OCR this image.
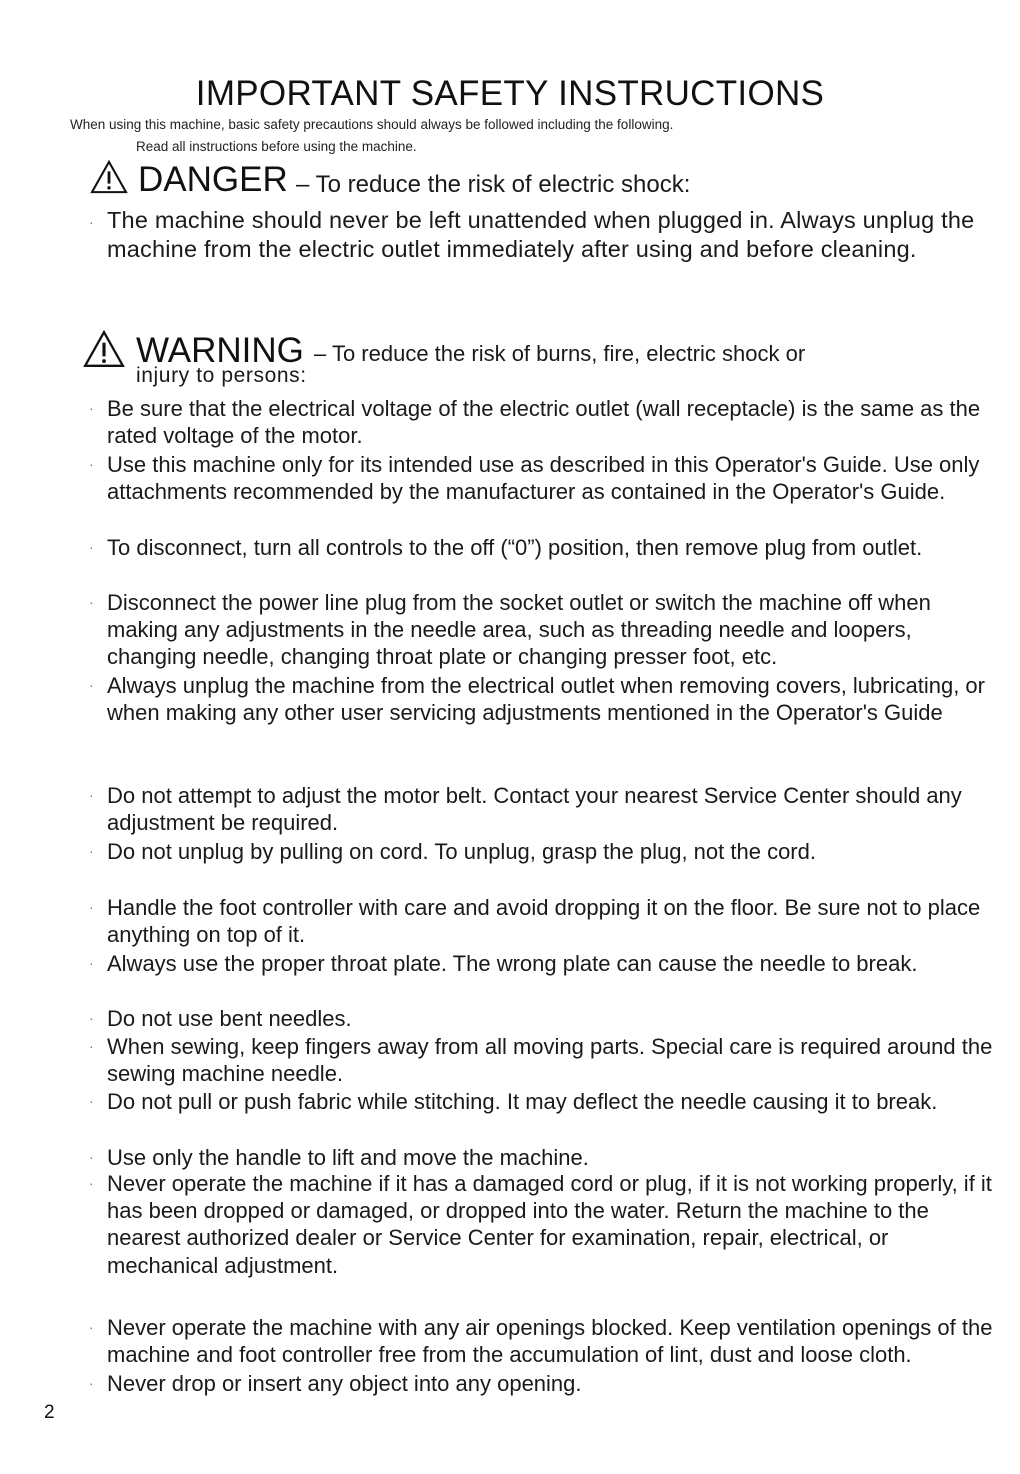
IMPORTANT SAFETY INSTRUCTIONS
When using this machine, basic safety precautions should always be followed including the following.
Read all instructions before using the machine.
DANGER – To reduce the risk of electric shock:
· The machine should never be left unattended when plugged in. Always unplug the machine from the electric outlet immediately after using and before cleaning.
WARNING – To reduce the risk of burns, fire, electric shock or
injury to persons:
· Be sure that the electrical voltage of the electric outlet (wall receptacle) is the same as the rated voltage of the motor.
· Use this machine only for its intended use as described in this Operator's Guide. Use only attachments recommended by the manufacturer as contained in the Operator's Guide.
· To disconnect, turn all controls to the off (“0”) position, then remove plug from outlet.
· Disconnect the power line plug from the socket outlet or switch the machine off when making any adjustments in the needle area, such as threading needle and loopers, changing needle, changing throat plate or changing presser foot, etc.
· Always unplug the machine from the electrical outlet when removing covers, lubricating, or when making any other user servicing adjustments mentioned in the Operator's Guide
· Do not attempt to adjust the motor belt. Contact your nearest Service Center should any adjustment be required.
· Do not unplug by pulling on cord. To unplug, grasp the plug, not the cord.
· Handle the foot controller with care and avoid dropping it on the floor. Be sure not to place anything on top of it.
· Always use the proper throat plate. The wrong plate can cause the needle to break.
· Do not use bent needles.
· When sewing, keep fingers away from all moving parts. Special care is required around the sewing machine needle.
· Do not pull or push fabric while stitching. It may deflect the needle causing it to break.
· Use only the handle to lift and move the machine.
· Never operate the machine if it has a damaged cord or plug, if it is not working properly, if it has been dropped or damaged, or dropped into the water. Return the machine to the nearest authorized dealer or Service Center for examination, repair, electrical, or mechanical adjustment.
· Never operate the machine with any air openings blocked. Keep ventilation openings of the machine and foot controller free from the accumulation of lint, dust and loose cloth.
· Never drop or insert any object into any opening.
2
